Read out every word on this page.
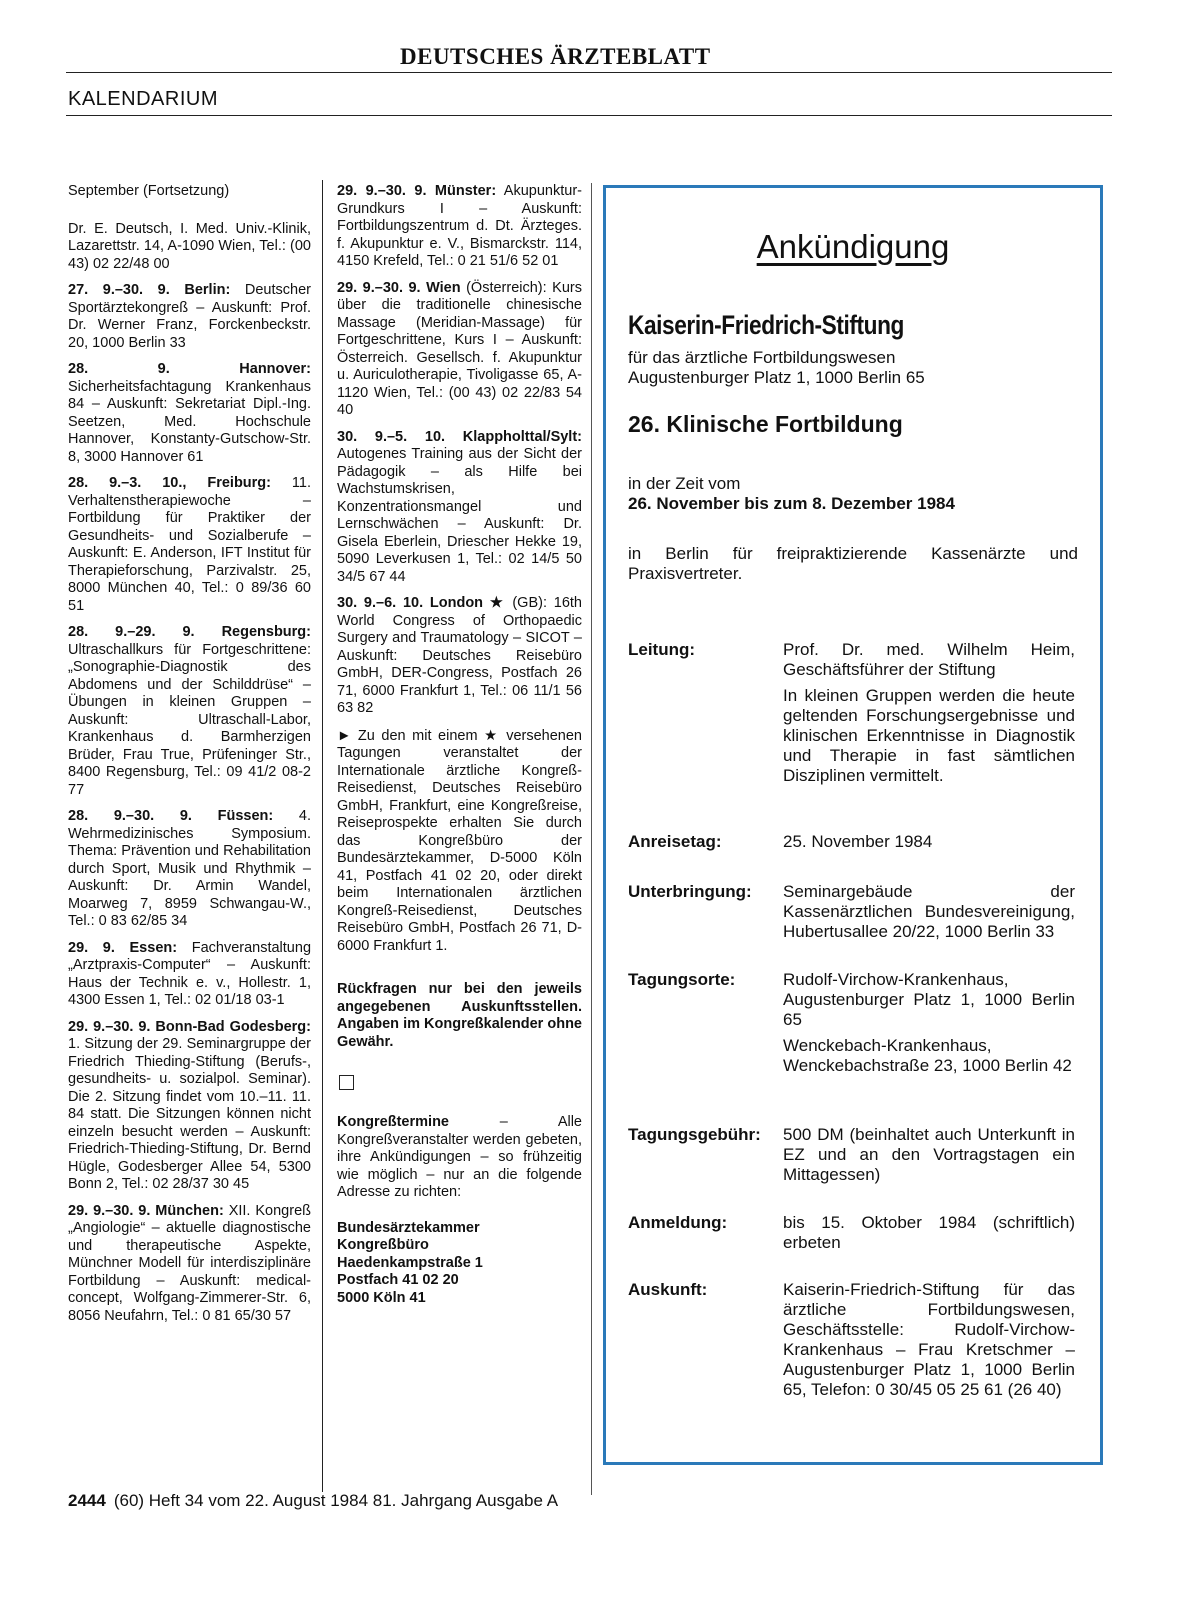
DEUTSCHES ÄRZTEBLATT
KALENDARIUM
September (Fortsetzung)
Dr. E. Deutsch, I. Med. Univ.-Klinik, Lazarettstr. 14, A-1090 Wien, Tel.: (00 43) 02 22/48 00
27. 9.–30. 9. Berlin: Deutscher Sportärztekongreß – Auskunft: Prof. Dr. Werner Franz, Forckenbeckstr. 20, 1000 Berlin 33
28. 9. Hannover: Sicherheitsfachtagung Krankenhaus 84 – Auskunft: Sekretariat Dipl.-Ing. Seetzen, Med. Hochschule Hannover, Konstanty-Gutschow-Str. 8, 3000 Hannover 61
28. 9.–3. 10., Freiburg: 11. Verhaltenstherapiewoche – Fortbildung für Praktiker der Gesundheits- und Sozialberufe – Auskunft: E. Anderson, IFT Institut für Therapieforschung, Parzivalstr. 25, 8000 München 40, Tel.: 0 89/36 60 51
28. 9.–29. 9. Regensburg: Ultraschallkurs für Fortgeschrittene: „Sonographie-Diagnostik des Abdomens und der Schilddrüse“ – Übungen in kleinen Gruppen – Auskunft: Ultraschall-Labor, Krankenhaus d. Barmherzigen Brüder, Frau True, Prüfeninger Str., 8400 Regensburg, Tel.: 09 41/2 08-2 77
28. 9.–30. 9. Füssen: 4. Wehrmedizinisches Symposium. Thema: Prävention und Rehabilitation durch Sport, Musik und Rhythmik – Auskunft: Dr. Armin Wandel, Moarweg 7, 8959 Schwangau-W., Tel.: 0 83 62/85 34
29. 9. Essen: Fachveranstaltung „Arztpraxis-Computer“ – Auskunft: Haus der Technik e. v., Hollestr. 1, 4300 Essen 1, Tel.: 02 01/18 03-1
29. 9.–30. 9. Bonn-Bad Godesberg: 1. Sitzung der 29. Seminargruppe der Friedrich Thieding-Stiftung (Berufs-, gesundheits- u. sozialpol. Seminar). Die 2. Sitzung findet vom 10.–11. 11. 84 statt. Die Sitzungen können nicht einzeln besucht werden – Auskunft: Friedrich-Thieding-Stiftung, Dr. Bernd Hügle, Godesberger Allee 54, 5300 Bonn 2, Tel.: 02 28/37 30 45
29. 9.–30. 9. München: XII. Kongreß „Angiologie“ – aktuelle diagnostische und therapeutische Aspekte, Münchner Modell für interdisziplinäre Fortbildung – Auskunft: medical-concept, Wolfgang-Zimmerer-Str. 6, 8056 Neufahrn, Tel.: 0 81 65/30 57
29. 9.–30. 9. Münster: Akupunktur-Grundkurs I – Auskunft: Fortbildungszentrum d. Dt. Ärzteges. f. Akupunktur e. V., Bismarckstr. 114, 4150 Krefeld, Tel.: 0 21 51/6 52 01
29. 9.–30. 9. Wien (Österreich): Kurs über die traditionelle chinesische Massage (Meridian-Massage) für Fortgeschrittene, Kurs I – Auskunft: Österreich. Gesellsch. f. Akupunktur u. Auriculotherapie, Tivoligasse 65, A-1120 Wien, Tel.: (00 43) 02 22/83 54 40
30. 9.–5. 10. Klappholttal/Sylt: Autogenes Training aus der Sicht der Pädagogik – als Hilfe bei Wachstumskrisen, Konzentrationsmangel und Lernschwächen – Auskunft: Dr. Gisela Eberlein, Driescher Hekke 19, 5090 Leverkusen 1, Tel.: 02 14/5 50 34/5 67 44
30. 9.–6. 10. London ★ (GB): 16th World Congress of Orthopaedic Surgery and Traumatology – SICOT – Auskunft: Deutsches Reisebüro GmbH, DER-Congress, Postfach 26 71, 6000 Frankfurt 1, Tel.: 06 11/1 56 63 82
► Zu den mit einem ★ versehenen Tagungen veranstaltet der Internationale ärztliche Kongreß-Reisedienst, Deutsches Reisebüro GmbH, Frankfurt, eine Kongreßreise, Reiseprospekte erhalten Sie durch das Kongreßbüro der Bundesärztekammer, D-5000 Köln 41, Postfach 41 02 20, oder direkt beim Internationalen ärztlichen Kongreß-Reisedienst, Deutsches Reisebüro GmbH, Postfach 26 71, D-6000 Frankfurt 1.
Rückfragen nur bei den jeweils angegebenen Auskunftsstellen. Angaben im Kongreßkalender ohne Gewähr.
Kongreßtermine – Alle Kongreßveranstalter werden gebeten, ihre Ankündigungen – so frühzeitig wie möglich – nur an die folgende Adresse zu richten:
Bundesärztekammer
Kongreßbüro
Haedenkampstraße 1
Postfach 41 02 20
5000 Köln 41
Ankündigung
Kaiserin-Friedrich-Stiftung
für das ärztliche Fortbildungswesen
Augustenburger Platz 1, 1000 Berlin 65
26. Klinische Fortbildung
in der Zeit vom
26. November bis zum 8. Dezember 1984
in Berlin für freipraktizierende Kassenärzte und Praxisvertreter.
Leitung:	Prof. Dr. med. Wilhelm Heim, Geschäftsführer der Stiftung

In kleinen Gruppen werden die heute geltenden Forschungsergebnisse und klinischen Erkenntnisse in Diagnostik und Therapie in fast sämtlichen Disziplinen vermittelt.

Anreisetag:	25. November 1984

Unterbringung: Seminargebäude der Kassenärztlichen Bundesvereinigung, Hubertusallee 20/22, 1000 Berlin 33

Tagungsorte:	Rudolf-Virchow-Krankenhaus, Augustenburger Platz 1, 1000 Berlin 65

Wenckebach-Krankenhaus, Wenckebachstraße 23, 1000 Berlin 42

Tagungsgebühr: 500 DM (beinhaltet auch Unterkunft in EZ und an den Vortragstagen ein Mittagessen)

Anmeldung:	bis 15. Oktober 1984 (schriftlich) erbeten

Auskunft:	Kaiserin-Friedrich-Stiftung für das ärztliche Fortbildungswesen, Geschäftsstelle: Rudolf-Virchow-Krankenhaus – Frau Kretschmer – Augustenburger Platz 1, 1000 Berlin 65, Telefon: 0 30/45 05 25 61 (26 40)

2444 (60) Heft 34 vom 22. August 1984 81. Jahrgang Ausgabe A
